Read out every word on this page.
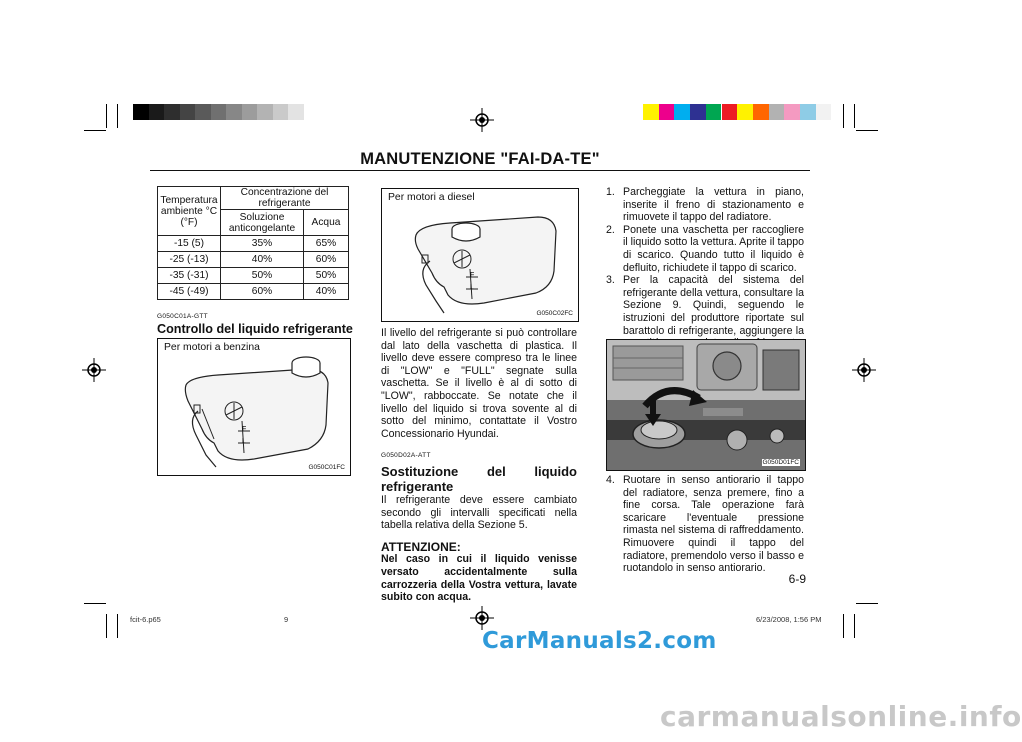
MANUTENZIONE "FAI-DA-TE"
Temperatura ambiente °C (°F)	Concentrazione del refrigerante	
	Soluzione anticongelante	Acqua
-15 (5)	35%	65%
-25 (-13)	40%	60%
-35 (-31)	50%	50%
-45 (-49)	60%	40%
G050C01A-GTT
Controllo del liquido refrigerante
Per motori a benzina
F
L
G050C01FC
Per motori a diesel
F
L
G050C02FC
Il livello del refrigerante si può controllare dal lato della vaschetta di plastica. Il livello deve essere compreso tra le linee di "LOW" e "FULL" segnate sulla vaschetta. Se il livello è al di sotto di "LOW", rabboccate. Se notate che il livello del liquido si trova sovente al di sotto del minimo, contattate il Vostro Concessionario Hyundai.
G050D02A-ATT
Sostituzione del liquido refrigerante
Il refrigerante deve essere cambiato secondo gli intervalli specificati nella tabella relativa della Sezione 5.
ATTENZIONE:
Nel caso in cui il liquido venisse versato accidentalmente sulla carrozzeria della Vostra vettura, lavate subito con acqua.
1. Parcheggiate la vettura in piano, inserite il freno di stazionamento e rimuovete il tappo del radiatore.
2. Ponete una vaschetta per raccogliere il liquido sotto la vettura. Aprite il tappo di scarico. Quando tutto il liquido è defluito, richiudete il tappo di scarico.
3. Per la capacità del sistema del refrigerante della vettura, consultare la Sezione 9. Quindi, seguendo le istruzioni del produttore riportate sul barattolo di refrigerante, aggiungere la
G050D01FC
4. Ruotare in senso antiorario il tappo del radiatore, senza premere, fino a fine corsa. Tale operazione farà scaricare l'eventuale pressione rimasta nel sistema di raffreddamento. Rimuovere quindi il tappo del radiatore, premendolo verso il basso e ruotandolo in senso antiorario.
6-9
fcit-6.p65	9	6/23/2008, 1:56 PM
CarManuals2.com
carmanualsonline.info
